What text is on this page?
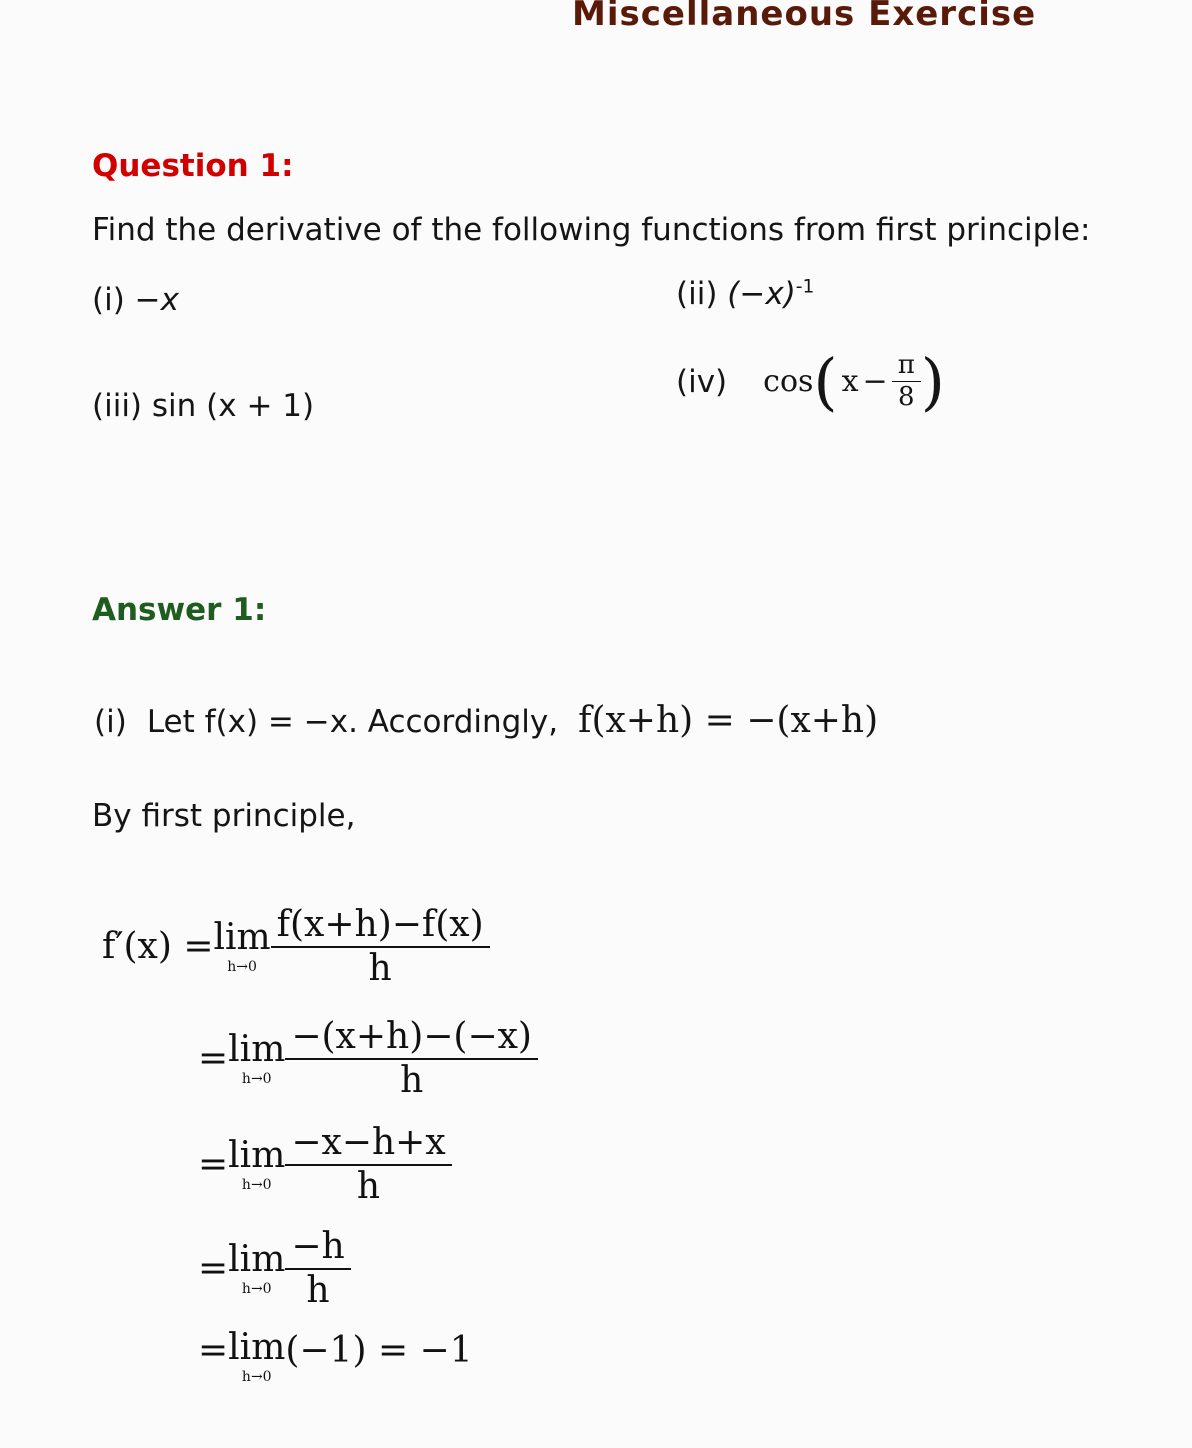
Miscellaneous Exercise
Question 1:
Find the derivative of the following functions from first principle:
(i) −x	(ii) $(-x)^{-1}$
(iii) sin (x + 1)
(iv) cos ( $x - \frac{\pi}{8}$ )
Answer 1:
(i) Let f(x) = −x. Accordingly, f(x+h) = −(x+h)
By first principle,
f′(x) = lim
$h\to 0 \frac{f(x+h)-f(x)}{h}$
= lim
$h\to 0 \frac{-(x+h)-(-x)}{h}$
= lim
$h\to 0 \frac{-x-h+x}{h}$
= lim
$h\to 0 \frac{-h}{h}$
= lim
h→0
(−1) = −1
